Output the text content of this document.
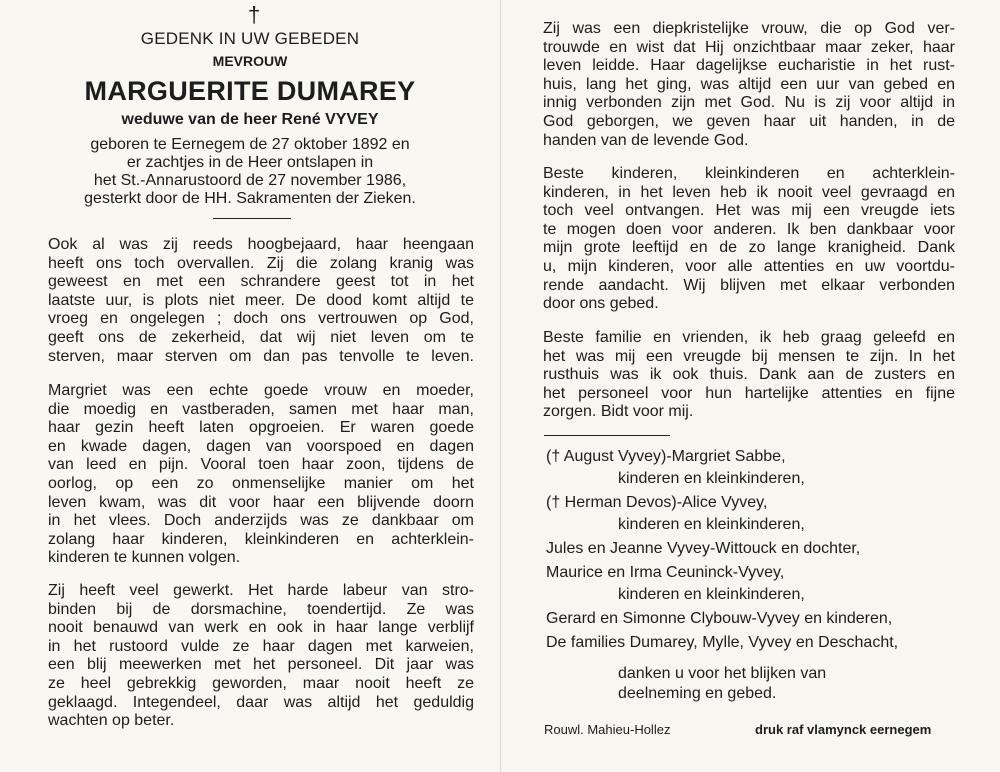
†
GEDENK IN UW GEBEDEN
MEVROUW
MARGUERITE DUMAREY
weduwe van de heer René VYVEY
geboren te Eernegem de 27 oktober 1892 en
er zachtjes in de Heer ontslapen in
het St.-Annarustoord de 27 november 1986,
gesterkt door de HH. Sakramenten der Zieken.
Ook al was zij reeds hoogbejaard, haar heengaan
heeft ons toch overvallen. Zij die zolang kranig was
geweest en met een schrandere geest tot in het
laatste uur, is plots niet meer. De dood komt altijd te
vroeg en ongelegen ; doch ons vertrouwen op God,
geeft ons de zekerheid, dat wij niet leven om te
sterven, maar sterven om dan pas tenvolle te leven.
Margriet was een echte goede vrouw en moeder,
die moedig en vastberaden, samen met haar man,
haar gezin heeft laten opgroeien. Er waren goede
en kwade dagen, dagen van voorspoed en dagen
van leed en pijn. Vooral toen haar zoon, tijdens de
oorlog, op een zo onmenselijke manier om het
leven kwam, was dit voor haar een blijvende doorn
in het vlees. Doch anderzijds was ze dankbaar om
zolang haar kinderen, kleinkinderen en achterklein-
kinderen te kunnen volgen.
Zij heeft veel gewerkt. Het harde labeur van stro-
binden bij de dorsmachine, toendertijd. Ze was
nooit benauwd van werk en ook in haar lange verblijf
in het rustoord vulde ze haar dagen met karweien,
een blij meewerken met het personeel. Dit jaar was
ze heel gebrekkig geworden, maar nooit heeft ze
geklaagd. Integendeel, daar was altijd het geduldig
wachten op beter.
Zij was een diepkristelijke vrouw, die op God ver-
trouwde en wist dat Hij onzichtbaar maar zeker, haar
leven leidde. Haar dagelijkse eucharistie in het rust-
huis, lang het ging, was altijd een uur van gebed en
innig verbonden zijn met God. Nu is zij voor altijd in
God geborgen, we geven haar uit handen, in de
handen van de levende God.
Beste kinderen, kleinkinderen en achterklein-
kinderen, in het leven heb ik nooit veel gevraagd en
toch veel ontvangen. Het was mij een vreugde iets
te mogen doen voor anderen. Ik ben dankbaar voor
mijn grote leeftijd en de zo lange kranigheid. Dank
u, mijn kinderen, voor alle attenties en uw voortdu-
rende aandacht. Wij blijven met elkaar verbonden
door ons gebed.
Beste familie en vrienden, ik heb graag geleefd en
het was mij een vreugde bij mensen te zijn. In het
rusthuis was ik ook thuis. Dank aan de zusters en
het personeel voor hun hartelijke attenties en fijne
zorgen. Bidt voor mij.
(† August Vyvey)-Margriet Sabbe,
kinderen en kleinkinderen,
(† Herman Devos)-Alice Vyvey,
kinderen en kleinkinderen,
Jules en Jeanne Vyvey-Wittouck en dochter,
Maurice en Irma Ceuninck-Vyvey,
kinderen en kleinkinderen,
Gerard en Simonne Clybouw-Vyvey en kinderen,
De families Dumarey, Mylle, Vyvey en Deschacht,
danken u voor het blijken van
deelneming en gebed.
Rouwl. Mahieu-Hollez	druk raf vlamynck eernegem
